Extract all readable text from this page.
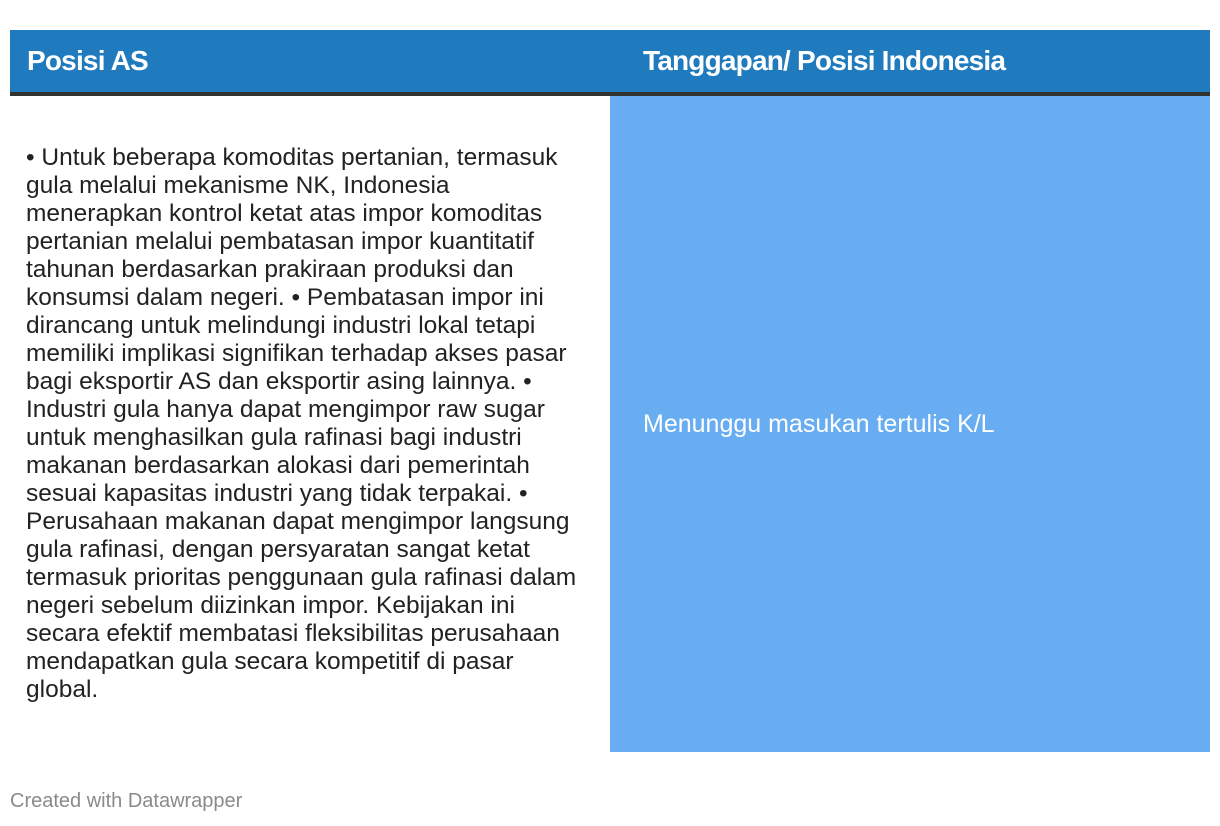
Posisi AS	Tanggapan/ Posisi Indonesia
• Untuk beberapa komoditas pertanian, termasuk gula melalui mekanisme NK, Indonesia menerapkan kontrol ketat atas impor komoditas pertanian melalui pembatasan impor kuantitatif tahunan berdasarkan prakiraan produksi dan konsumsi dalam negeri. • Pembatasan impor ini dirancang untuk melindungi industri lokal tetapi memiliki implikasi signifikan terhadap akses pasar bagi eksportir AS dan eksportir asing lainnya. • Industri gula hanya dapat mengimpor raw sugar untuk menghasilkan gula rafinasi bagi industri makanan berdasarkan alokasi dari pemerintah sesuai kapasitas industri yang tidak terpakai. • Perusahaan makanan dapat mengimpor langsung gula rafinasi, dengan persyaratan sangat ketat termasuk prioritas penggunaan gula rafinasi dalam negeri sebelum diizinkan impor. Kebijakan ini secara efektif membatasi fleksibilitas perusahaan mendapatkan gula secara kompetitif di pasar global.	Menunggu masukan tertulis K/L
Created with Datawrapper
